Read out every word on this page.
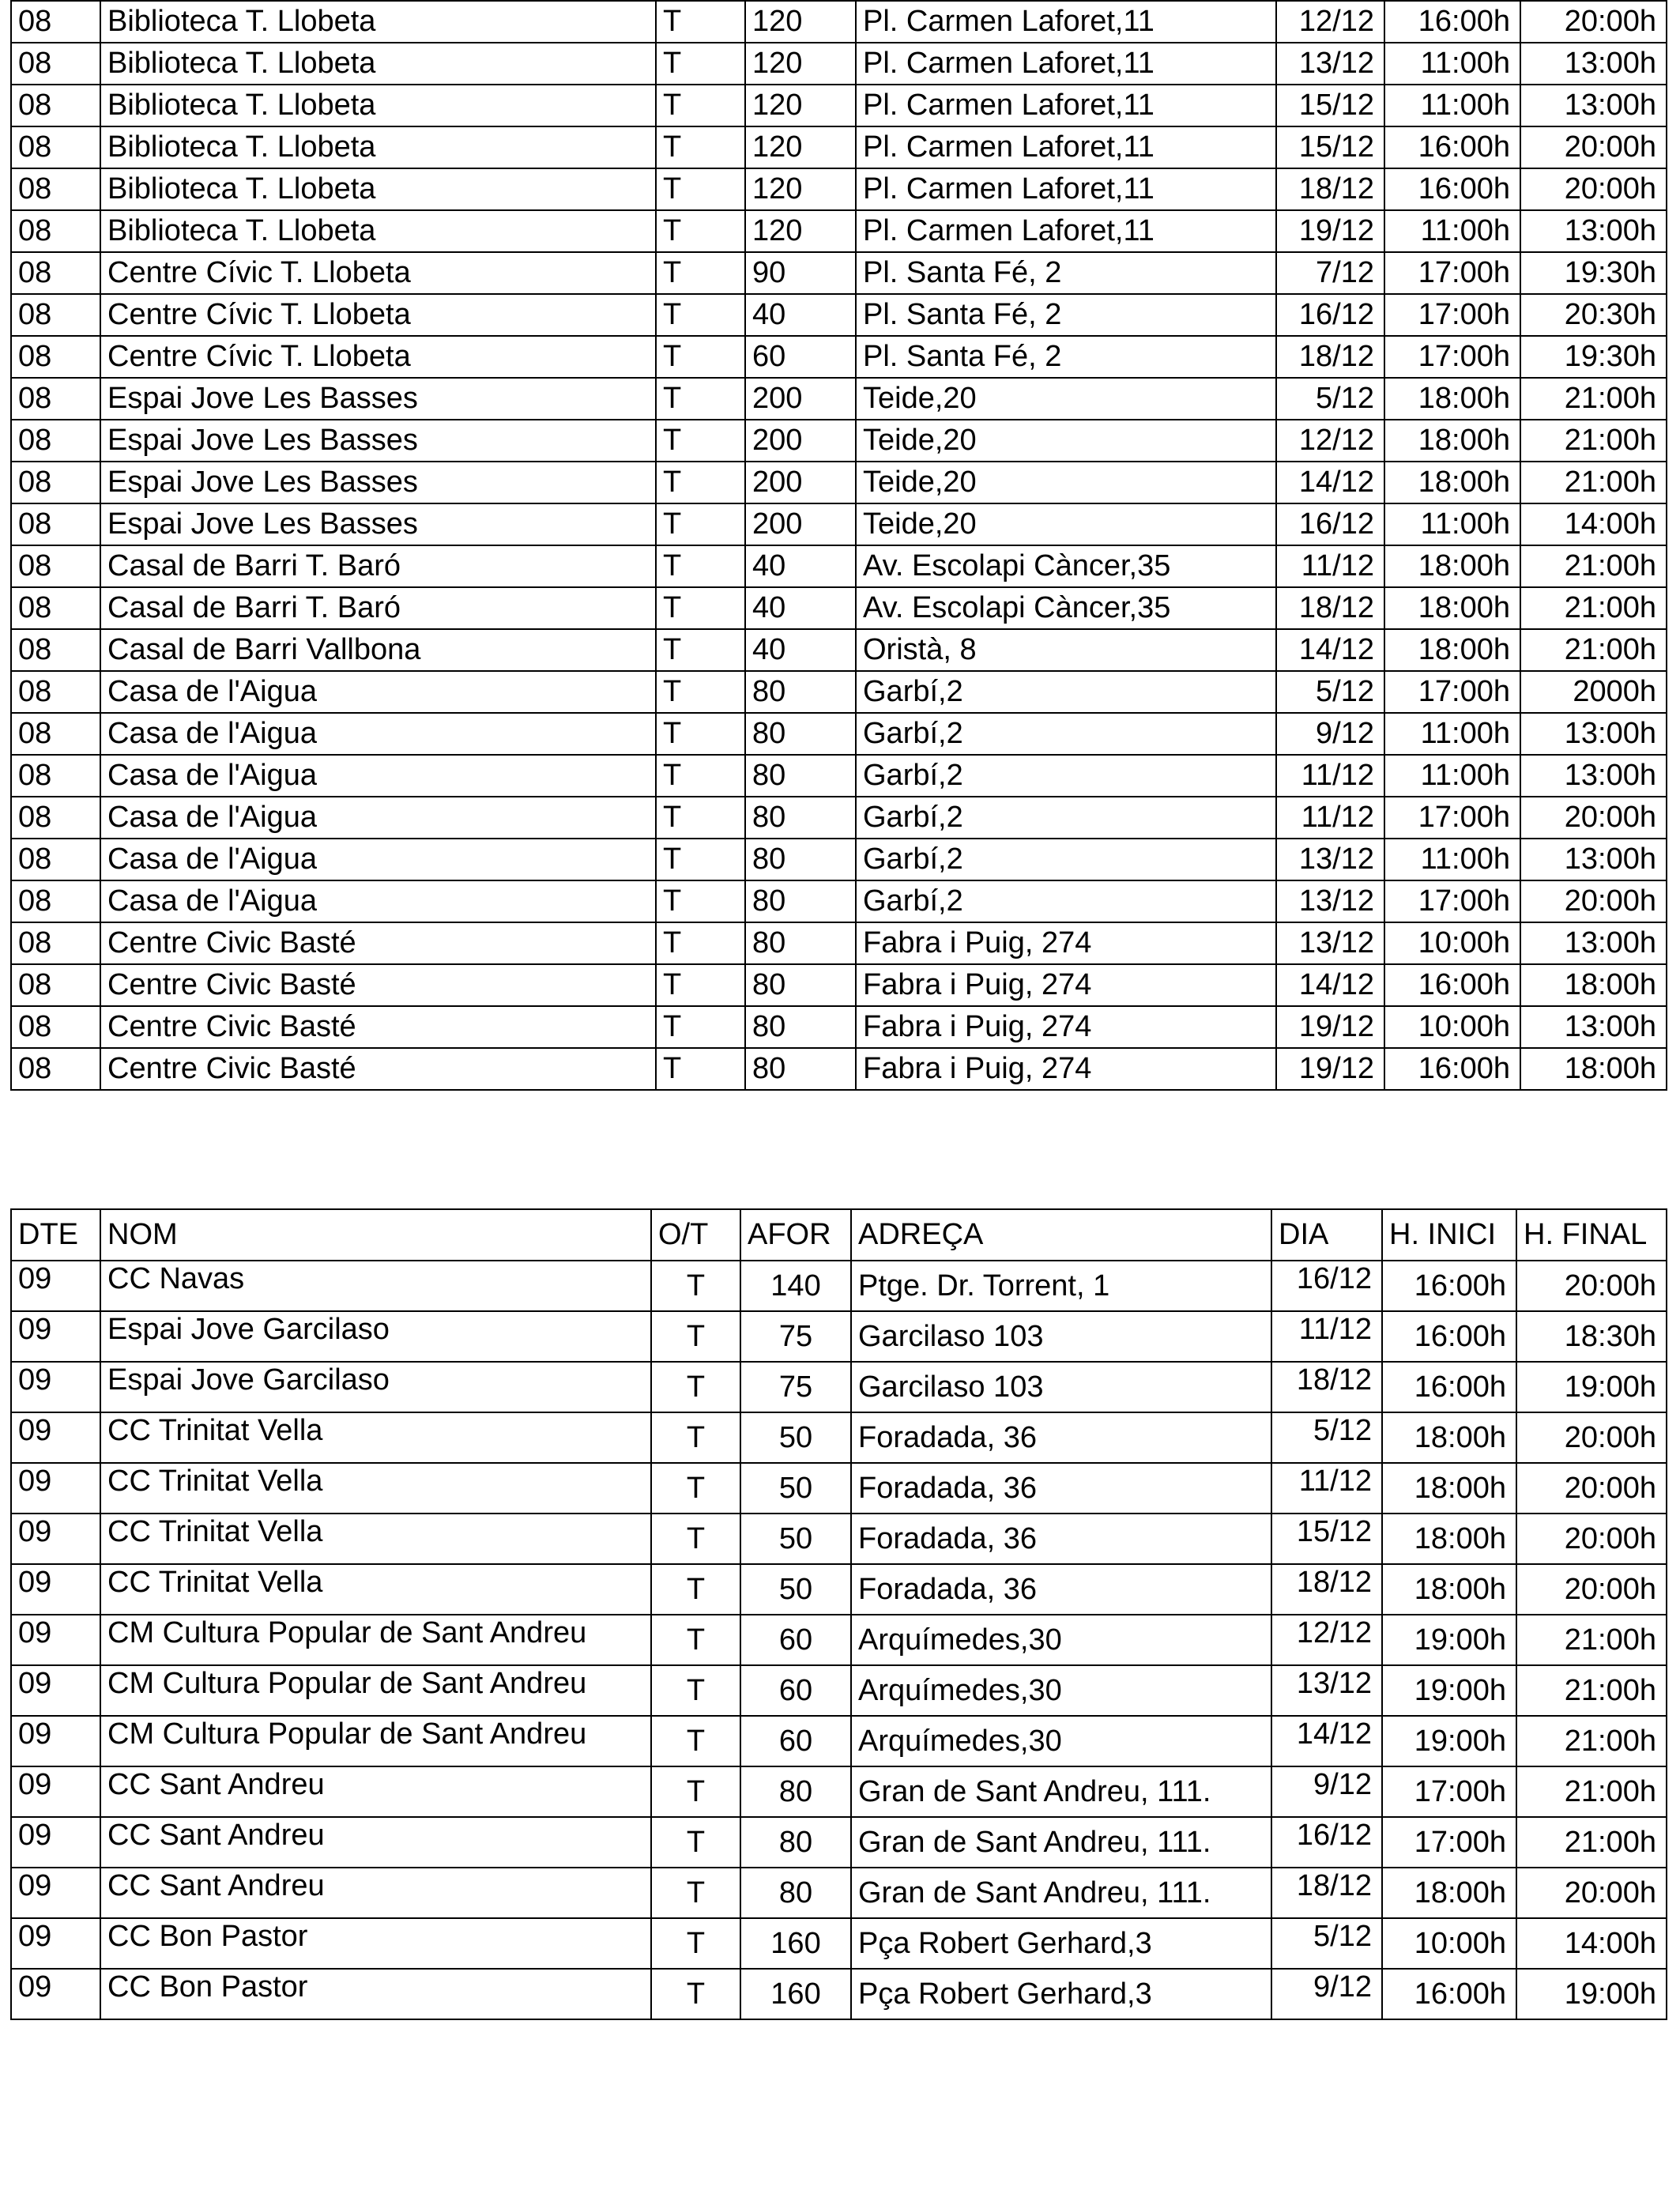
08	Biblioteca T. Llobeta	T	120	Pl. Carmen Laforet,11	12/12	16:00h	20:00h
08	Biblioteca T. Llobeta	T	120	Pl. Carmen Laforet,11	13/12	11:00h	13:00h
08	Biblioteca T. Llobeta	T	120	Pl. Carmen Laforet,11	15/12	11:00h	13:00h
08	Biblioteca T. Llobeta	T	120	Pl. Carmen Laforet,11	15/12	16:00h	20:00h
08	Biblioteca T. Llobeta	T	120	Pl. Carmen Laforet,11	18/12	16:00h	20:00h
08	Biblioteca T. Llobeta	T	120	Pl. Carmen Laforet,11	19/12	11:00h	13:00h
08	Centre Cívic T. Llobeta	T	90	Pl. Santa Fé, 2	7/12	17:00h	19:30h
08	Centre Cívic T. Llobeta	T	40	Pl. Santa Fé, 2	16/12	17:00h	20:30h
08	Centre Cívic T. Llobeta	T	60	Pl. Santa Fé, 2	18/12	17:00h	19:30h
08	Espai Jove Les Basses	T	200	Teide,20	5/12	18:00h	21:00h
08	Espai Jove Les Basses	T	200	Teide,20	12/12	18:00h	21:00h
08	Espai Jove Les Basses	T	200	Teide,20	14/12	18:00h	21:00h
08	Espai Jove Les Basses	T	200	Teide,20	16/12	11:00h	14:00h
08	Casal de Barri T. Baró	T	40	Av. Escolapi Càncer,35	11/12	18:00h	21:00h
08	Casal de Barri T. Baró	T	40	Av. Escolapi Càncer,35	18/12	18:00h	21:00h
08	Casal de Barri Vallbona	T	40	Oristà, 8	14/12	18:00h	21:00h
08	Casa de l'Aigua	T	80	Garbí,2	5/12	17:00h	2000h
08	Casa de l'Aigua	T	80	Garbí,2	9/12	11:00h	13:00h
08	Casa de l'Aigua	T	80	Garbí,2	11/12	11:00h	13:00h
08	Casa de l'Aigua	T	80	Garbí,2	11/12	17:00h	20:00h
08	Casa de l'Aigua	T	80	Garbí,2	13/12	11:00h	13:00h
08	Casa de l'Aigua	T	80	Garbí,2	13/12	17:00h	20:00h
08	Centre Civic Basté	T	80	Fabra i Puig, 274	13/12	10:00h	13:00h
08	Centre Civic Basté	T	80	Fabra i Puig, 274	14/12	16:00h	18:00h
08	Centre Civic Basté	T	80	Fabra i Puig, 274	19/12	10:00h	13:00h
08	Centre Civic Basté	T	80	Fabra i Puig, 274	19/12	16:00h	18:00h
DTE	NOM	O/T	AFOR	ADREÇA	DIA	H. INICI	H. FINAL
09	CC Navas	T	140	Ptge. Dr. Torrent, 1	16/12	16:00h	20:00h
09	Espai Jove Garcilaso	T	75	Garcilaso 103	11/12	16:00h	18:30h
09	Espai Jove Garcilaso	T	75	Garcilaso 103	18/12	16:00h	19:00h
09	CC Trinitat Vella	T	50	Foradada, 36	5/12	18:00h	20:00h
09	CC Trinitat Vella	T	50	Foradada, 36	11/12	18:00h	20:00h
09	CC Trinitat Vella	T	50	Foradada, 36	15/12	18:00h	20:00h
09	CC Trinitat Vella	T	50	Foradada, 36	18/12	18:00h	20:00h
09	CM Cultura Popular de Sant Andreu	T	60	Arquímedes,30	12/12	19:00h	21:00h
09	CM Cultura Popular de Sant Andreu	T	60	Arquímedes,30	13/12	19:00h	21:00h
09	CM Cultura Popular de Sant Andreu	T	60	Arquímedes,30	14/12	19:00h	21:00h
09	CC Sant Andreu	T	80	Gran de Sant Andreu, 111.	9/12	17:00h	21:00h
09	CC Sant Andreu	T	80	Gran de Sant Andreu, 111.	16/12	17:00h	21:00h
09	CC Sant Andreu	T	80	Gran de Sant Andreu, 111.	18/12	18:00h	20:00h
09	CC Bon Pastor	T	160	Pça Robert Gerhard,3	5/12	10:00h	14:00h
09	CC Bon Pastor	T	160	Pça Robert Gerhard,3	9/12	16:00h	19:00h
